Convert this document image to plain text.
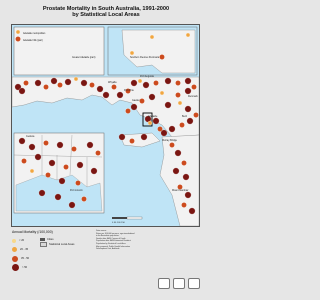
Prostate Mortality in South Australia, 1991-2000
by Statistical Local Areas
Gawler
Adelaide
Whyalla
Port Augusta
Port Pirie
Mount Gambier
Murray Bridge
Berri
Renmark
Port Lincoln
Ceduna
Adelaide metropolitan
Adelaide hills (part)
Greater Adelaide (part)	Southern Fleurieu Peninsula
0 50 100 150
Annual Mortality (/100,000)
< 20
20 - 35
35 - 50
> 50
Cities
Statistical Local Areas
Data source:
Rates per 100,000 persons, age-standardised
to the Australian population.
Deaths data: ABS Causes of Death
Population data: ABS Estimated Resident
Population by Statistical Local Area.
Map prepared: Public Health Information
Development Unit, Adelaide.
